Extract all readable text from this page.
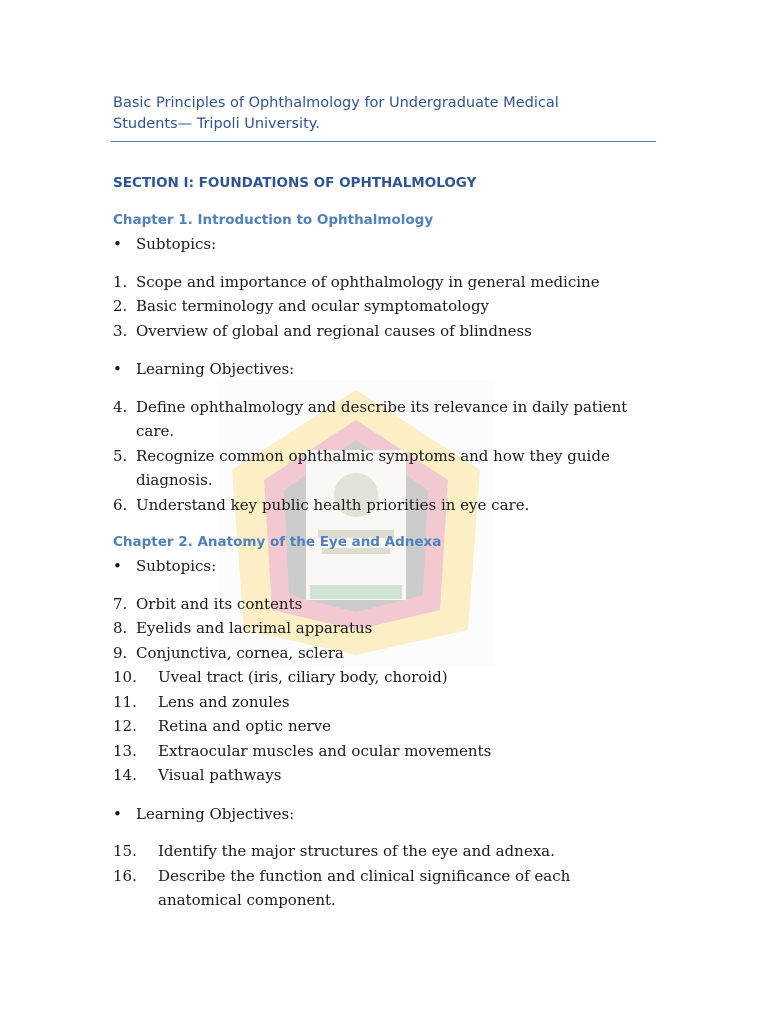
Basic Principles of Ophthalmology for Undergraduate Medical
Students— Tripoli University.
SECTION I: FOUNDATIONS OF OPHTHALMOLOGY
Chapter 1. Introduction to Ophthalmology
• Subtopics:
1. Scope and importance of ophthalmology in general medicine
2. Basic terminology and ocular symptomatology
3. Overview of global and regional causes of blindness
• Learning Objectives:
4. Define ophthalmology and describe its relevance in daily patient care.
5. Recognize common ophthalmic symptoms and how they guide diagnosis.
6. Understand key public health priorities in eye care.
Chapter 2. Anatomy of the Eye and Adnexa
• Subtopics:
7. Orbit and its contents
8. Eyelids and lacrimal apparatus
9. Conjunctiva, cornea, sclera
10.	Uveal tract (iris, ciliary body, choroid)
11.	Lens and zonules
12.	Retina and optic nerve
13.	Extraocular muscles and ocular movements
14.	Visual pathways
• Learning Objectives:
15.	Identify the major structures of the eye and adnexa.
16.	Describe the function and clinical significance of each anatomical component.
